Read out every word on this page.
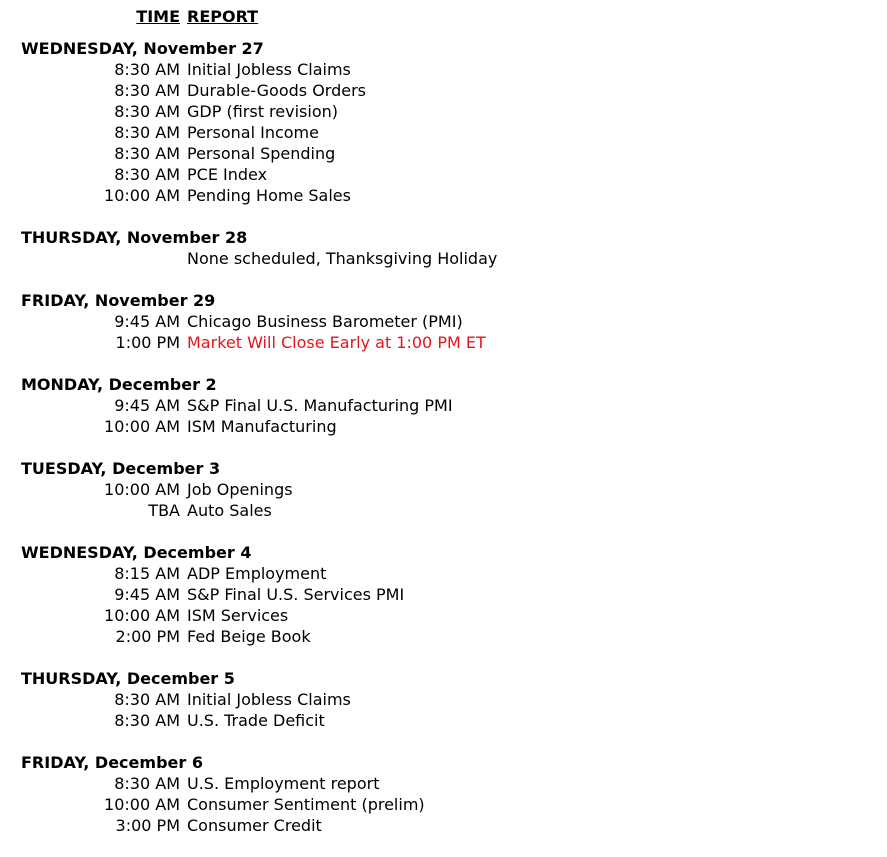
TIME REPORT
WEDNESDAY, November 27
8:30 AM Initial Jobless Claims
8:30 AM Durable-Goods Orders
8:30 AM GDP (first revision)
8:30 AM Personal Income
8:30 AM Personal Spending
8:30 AM PCE Index
10:00 AM Pending Home Sales
THURSDAY, November 28
None scheduled, Thanksgiving Holiday
FRIDAY, November 29
9:45 AM Chicago Business Barometer (PMI)
1:00 PM Market Will Close Early at 1:00 PM ET
MONDAY, December 2
9:45 AM S&P Final U.S. Manufacturing PMI
10:00 AM ISM Manufacturing
TUESDAY, December 3
10:00 AM Job Openings
TBA Auto Sales
WEDNESDAY, December 4
8:15 AM ADP Employment
9:45 AM S&P Final U.S. Services PMI
10:00 AM ISM Services
2:00 PM Fed Beige Book
THURSDAY, December 5
8:30 AM Initial Jobless Claims
8:30 AM U.S. Trade Deficit
FRIDAY, December 6
8:30 AM U.S. Employment report
10:00 AM Consumer Sentiment (prelim)
3:00 PM Consumer Credit
